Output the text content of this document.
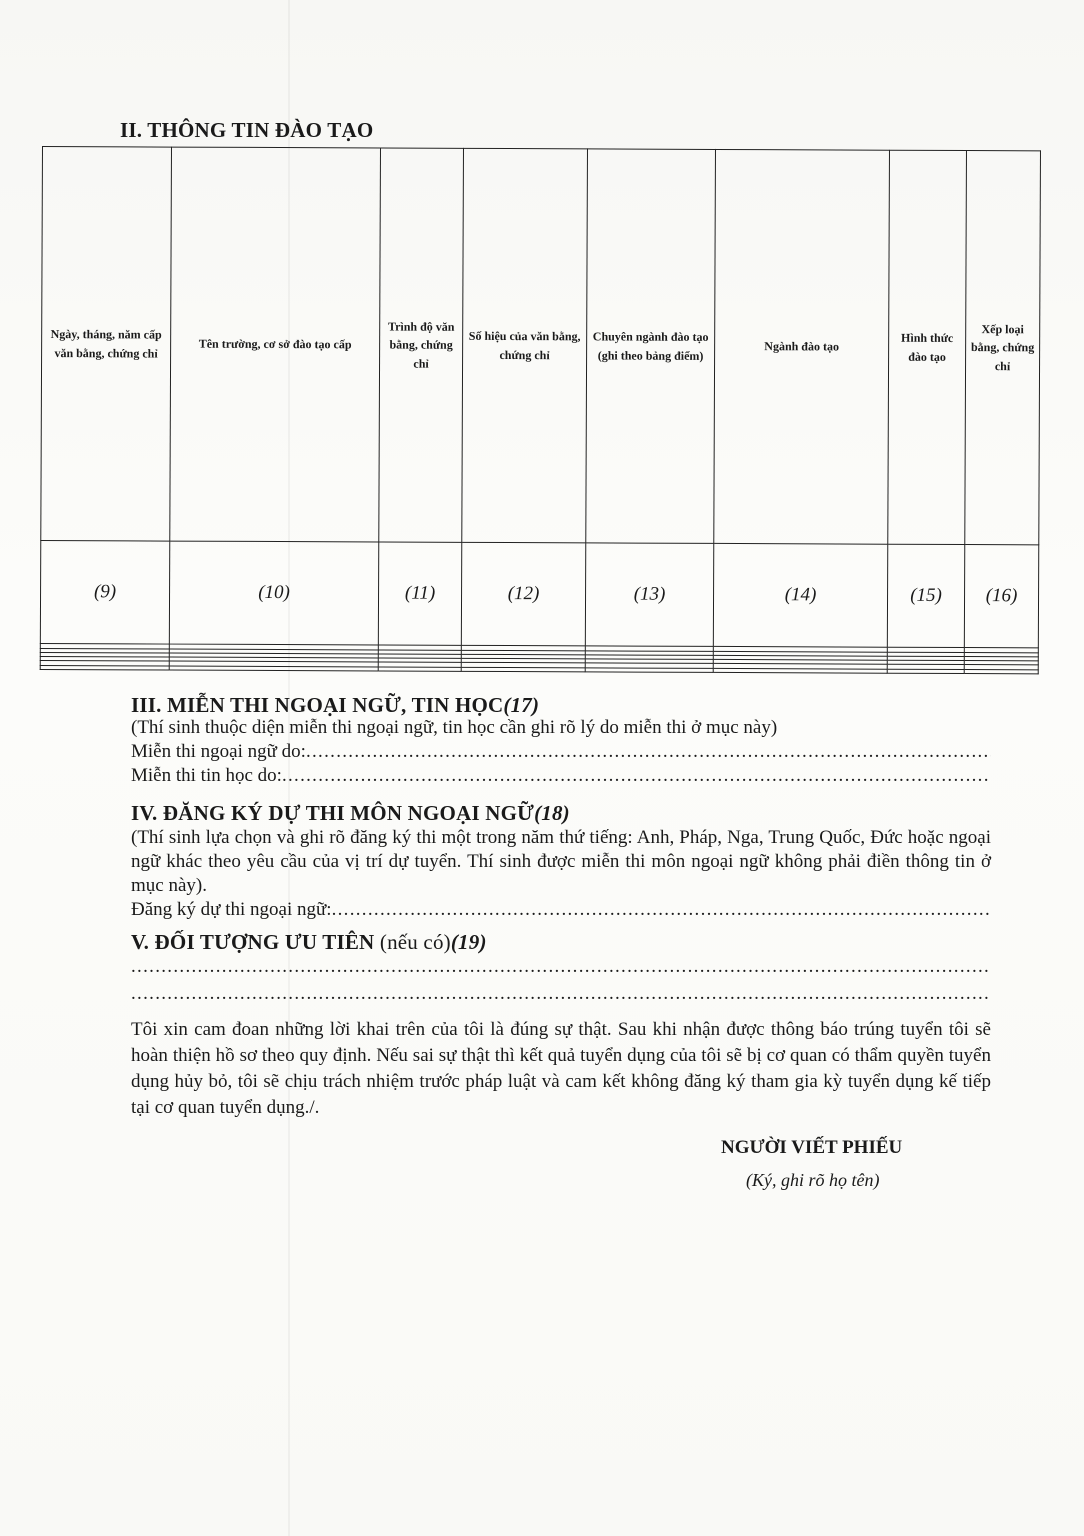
II. THÔNG TIN ĐÀO TẠO
Ngày, tháng, năm cấp văn bằng, chứng chỉ	Tên trường, cơ sở đào tạo cấp	Trình độ văn bằng, chứng chỉ	Số hiệu của văn bằng, chứng chỉ	Chuyên ngành đào tạo (ghi theo bảng điểm)	Ngành đào tạo	Hình thức đào tạo	Xếp loại bằng, chứng chỉ
(9)	(10)	(11)	(12)	(13)	(14)	(15)	(16)

III. MIỄN THI NGOẠI NGỮ, TIN HỌC(17)
(Thí sinh thuộc diện miễn thi ngoại ngữ, tin học cần ghi rõ lý do miễn thi ở mục này)
Miễn thi ngoại ngữ do:
.....
Miễn thi tin học do:
.....
IV. ĐĂNG KÝ DỰ THI MÔN NGOẠI NGỮ(18)
(Thí sinh lựa chọn và ghi rõ đăng ký thi một trong năm thứ tiếng: Anh, Pháp, Nga, Trung Quốc, Đức hoặc ngoại ngữ khác theo yêu cầu của vị trí dự tuyển. Thí sinh được miễn thi môn ngoại ngữ không phải điền thông tin ở mục này).
Đăng ký dự thi ngoại ngữ:
.....
V. ĐỐI TƯỢNG ƯU TIÊN (nếu có)(19)
.....
.....
Tôi xin cam đoan những lời khai trên của tôi là đúng sự thật. Sau khi nhận được thông báo trúng tuyển tôi sẽ hoàn thiện hồ sơ theo quy định. Nếu sai sự thật thì kết quả tuyển dụng của tôi sẽ bị cơ quan có thẩm quyền tuyển dụng hủy bỏ, tôi sẽ chịu trách nhiệm trước pháp luật và cam kết không đăng ký tham gia kỳ tuyển dụng kế tiếp tại cơ quan tuyển dụng./.
NGƯỜI VIẾT PHIẾU
(Ký, ghi rõ họ tên)
